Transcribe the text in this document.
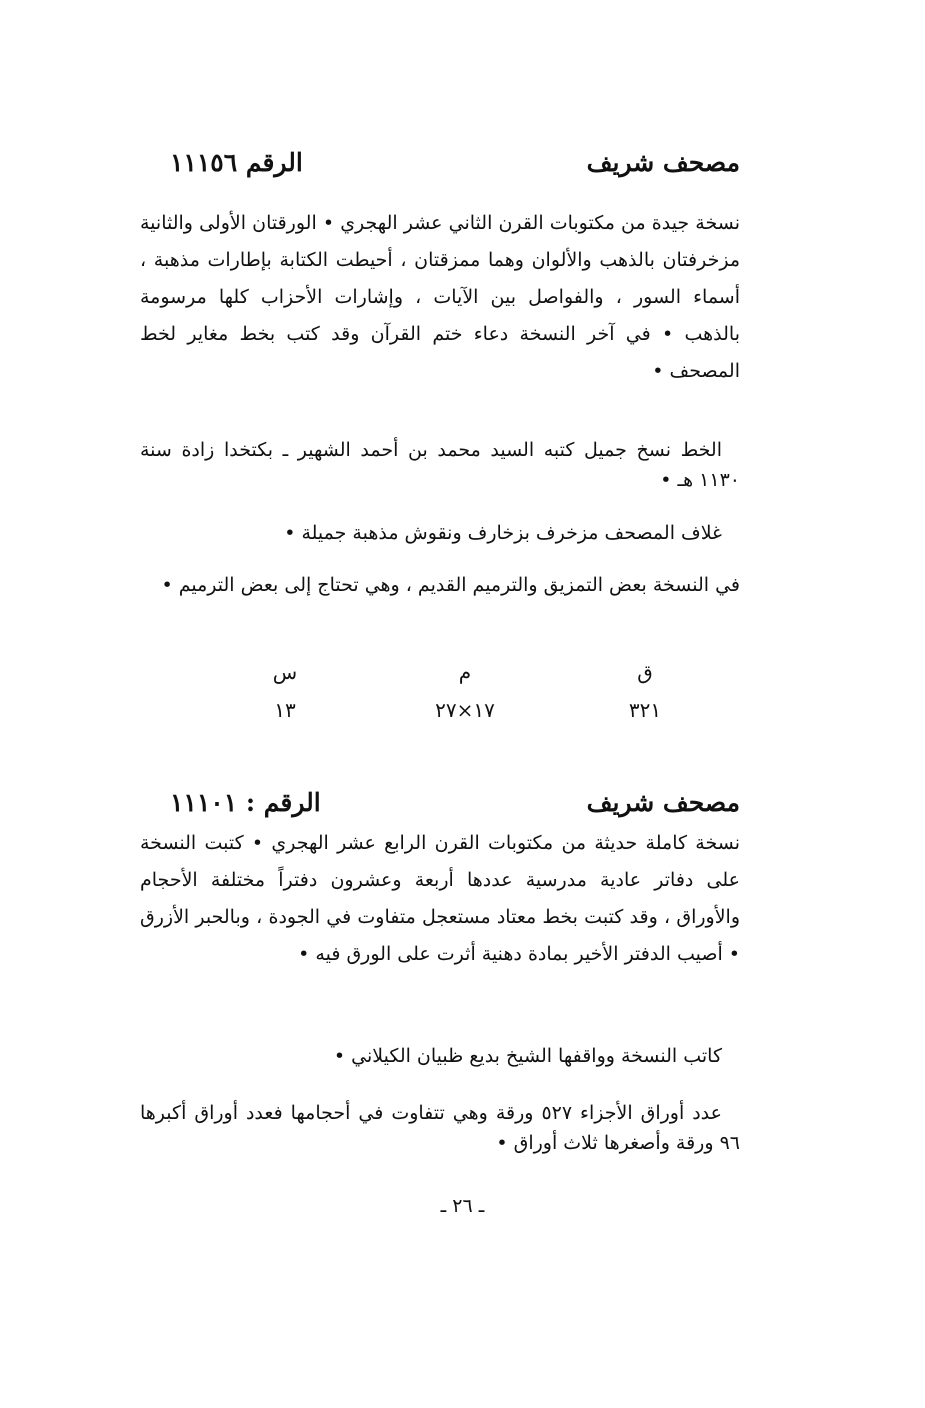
مصحف شريف
الرقم ١١١٥٦

نسخة جيدة من مكتوبات القرن الثاني عشر الهجري • الورقتان الأولى والثانية مزخرفتان بالذهب والألوان وهما ممزقتان ، أحيطت الكتابة بإطارات مذهبة ، أسماء السور ، والفواصل بين الآيات ، وإشارات الأحزاب كلها مرسومة بالذهب • في آخر النسخة دعاء ختم القرآن وقد كتب بخط مغاير لخط المصحف •

الخط نسخ جميل كتبه السيد محمد بن أحمد الشهير ـ بكتخدا زادة سنة ١١٣٠ هـ •

غلاف المصحف مزخرف بزخارف ونقوش مذهبة جميلة •

في النسخة بعض التمزيق والترميم القديم ، وهي تحتاج إلى بعض الترميم •

ق
م
س
٣٢١
١٧×٢٧
١٣
مصحف شريف
الرقم : ١١١٠١

نسخة كاملة حديثة من مكتوبات القرن الرابع عشر الهجري • كتبت النسخة على دفاتر عادية مدرسية عددها أربعة وعشرون دفتراً مختلفة الأحجام والأوراق ، وقد كتبت بخط معتاد مستعجل متفاوت في الجودة ، وبالحبر الأزرق • أصيب الدفتر الأخير بمادة دهنية أثرت على الورق فيه •

كاتب النسخة وواقفها الشيخ بديع ظبيان الكيلاني •

عدد أوراق الأجزاء ٥٢٧ ورقة وهي تتفاوت في أحجامها فعدد أوراق أكبرها ٩٦ ورقة وأصغرها ثلاث أوراق •

ـ ٢٦ ـ
